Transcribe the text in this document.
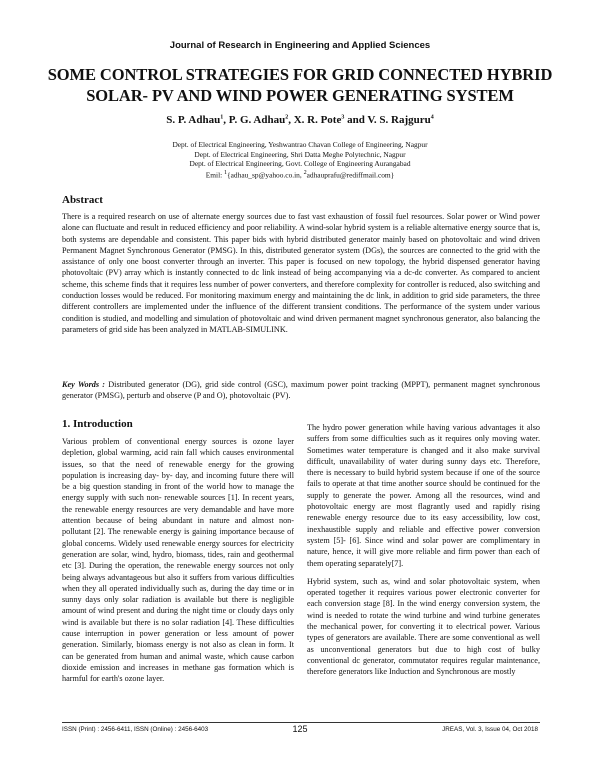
Journal of Research in Engineering and Applied Sciences
SOME CONTROL STRATEGIES FOR GRID CONNECTED HYBRID
SOLAR- PV AND WIND POWER GENERATING SYSTEM
S. P. Adhau$^1$, P. G. Adhau$^2$, X. R. Pote$^3$ and V. S. Rajguru$^4$
Dept. of Electrical Engineering, Yeshwantrao Chavan College of Engineering, Nagpur
Dept. of Electrical Engineering, Shri Datta Meghe Polytechnic, Nagpur
Dept. of Electrical Engineering, Govt. College of Engineering Aurangabad
Emil: $^1${adhau_sp@yahoo.co.in, $^2$adhauprafu@rediffmail.com}
Abstract
There is a required research on use of alternate energy sources due to fast vast exhaustion of fossil fuel resources. Solar power or Wind power alone can fluctuate and result in reduced efficiency and poor reliability. A wind-solar hybrid system is a reliable alternative energy source that is, both systems are dependable and consistent. This paper bids with hybrid distributed generator mainly based on photovoltaic and wind driven Permanent Magnet Synchronous Generator (PMSG). In this, distributed generator system (DGs), the sources are connected to the grid with the assistance of only one boost converter through an inverter. This paper is focused on new topology, the hybrid dispensed generator having photovoltaic (PV) array which is instantly connected to dc link instead of being accompanying via a dc-dc converter. As compared to ancient scheme, this scheme finds that it requires less number of power converters, and therefore complexity for controller is reduced, also switching and conduction losses would be reduced. For monitoring maximum energy and maintaining the dc link, in addition to grid side parameters, the three different controllers are implemented under the influence of the different transient conditions. The performance of the system under various condition is studied, and modelling and simulation of photovoltaic and wind driven permanent magnet synchronous generator, also balancing the parameters of grid side has been analyzed in MATLAB-SIMULINK.
Key Words : Distributed generator (DG), grid side control (GSC), maximum power point tracking (MPPT), permanent magnet synchronous generator (PMSG), perturb and observe (P and O), photovoltaic (PV).
1. Introduction

Various problem of conventional energy sources is ozone layer depletion, global warming, acid rain fall which causes environmental issues, so that the need of renewable energy for the growing population is increasing day- by- day, and incoming future there will be a big question standing in front of the world how to manage the energy supply with such non- renewable sources [1]. In recent years, the renewable energy resources are very demandable and have more attention because of being abundant in nature and almost non-pollutant [2]. The renewable energy is gaining importance because of global concerns. Widely used renewable energy sources for electricity generation are solar, wind, hydro, biomass, tides, rain and geothermal etc [3]. During the operation, the renewable energy sources not only being always advantageous but also it suffers from various difficulties when they all operated individually such as, during the day time or in sunny days only solar radiation is available but there is negligible amount of wind present and during the night time or cloudy days only wind is available but there is no solar radiation [4]. These difficulties cause interruption in power generation or less amount of power generation. Similarly, biomass energy is not also as clean in form. It can be generated from human and animal waste, which cause carbon dioxide emission and increases in methane gas formation which is harmful for earth's ozone layer.

The hydro power generation while having various advantages it also suffers from some difficulties such as it requires only moving water. Sometimes water temperature is changed and it also make survival difficult, unavailability of water during sunny days etc. Therefore, there is necessary to build hybrid system because if one of the source fails to operate at that time another source should be continued for the supply to generate the power. Among all the resources, wind and photovoltaic energy are most flagrantly used and rapidly rising renewable energy resource due to its easy accessibility, low cost, inexhaustible supply and reliable and effective power conversion system [5]- [6]. Since wind and solar power are complimentary in nature, hence, it will give more reliable and firm power than each of them operating separately[7].

Hybrid system, such as, wind and solar photovoltaic system, when operated together it requires various power electronic converter for each conversion stage [8]. In the wind energy conversion system, the wind is needed to rotate the wind turbine and wind turbine generates the mechanical power, for converting it to electrical power. Various types of generators are available. There are some conventional as well as unconventional generators but due to high cost of bulky conventional dc generator, commutator requires regular maintenance, therefore generators like Induction and Synchronous are mostly

ISSN (Print) : 2456-6411, ISSN (Online) : 2456-6403	125	JREAS, Vol. 3, Issue 04, Oct 2018
